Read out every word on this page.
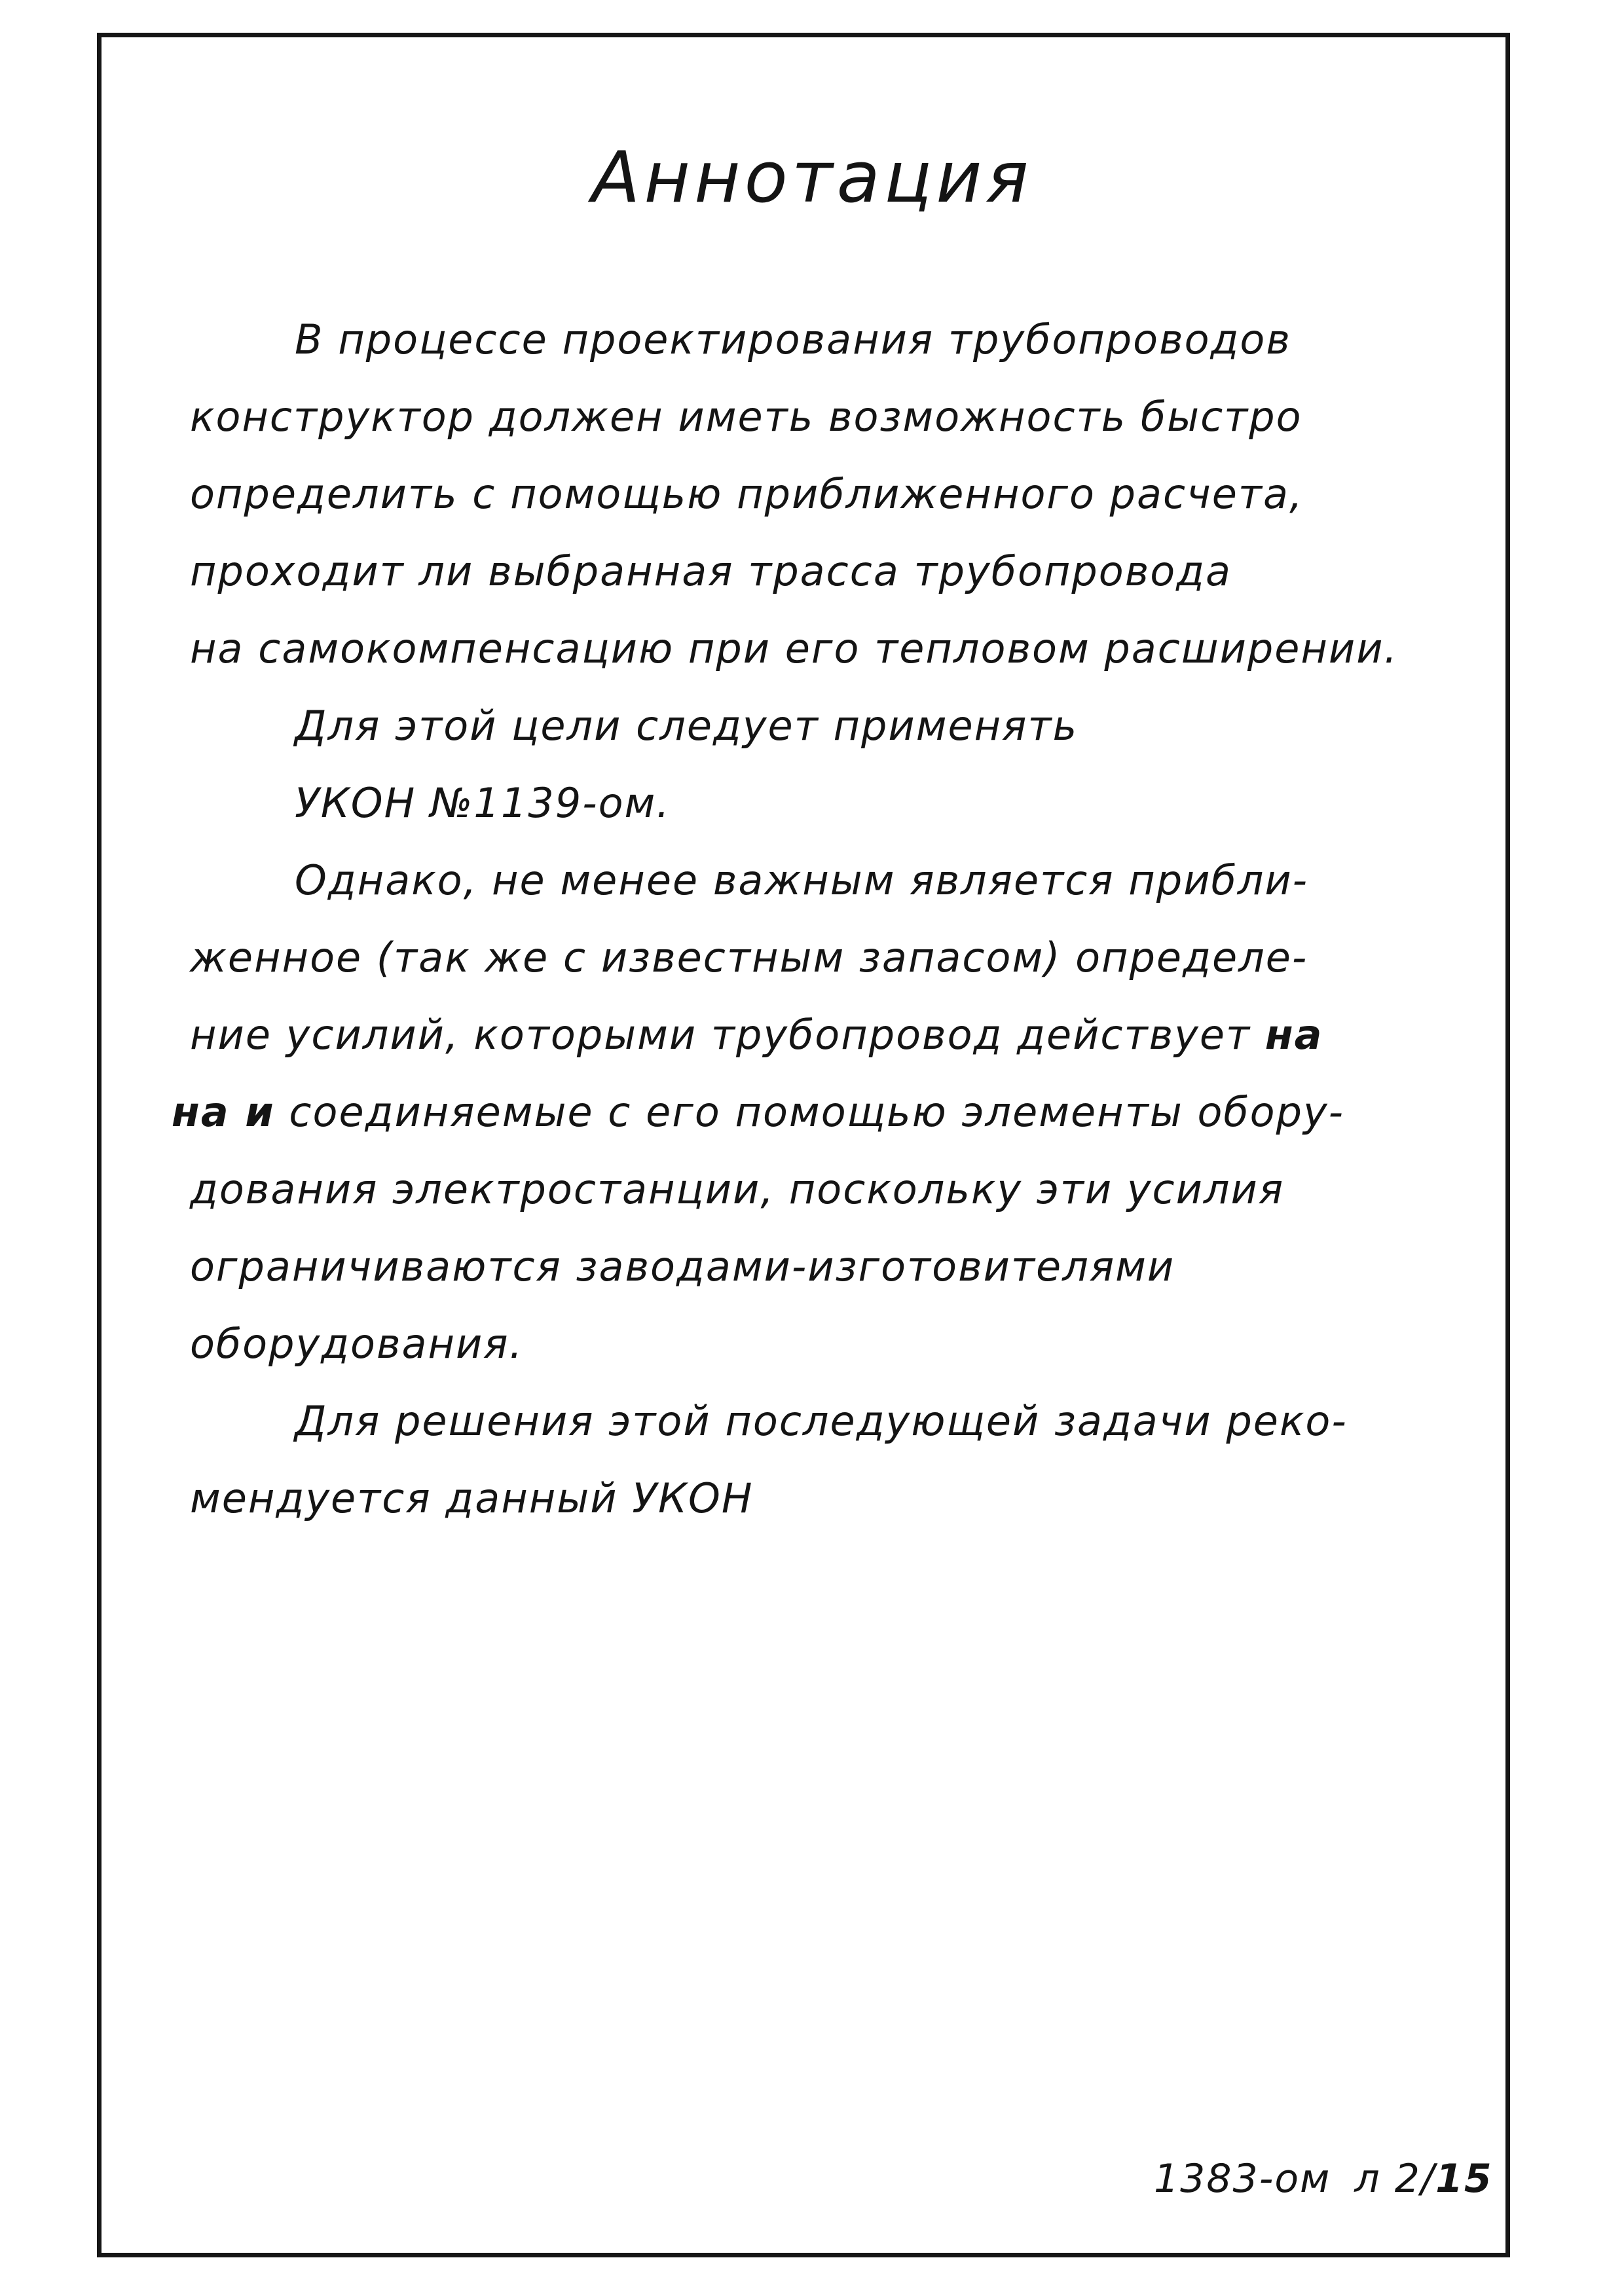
Аннотация
В процессе проектирования трубопроводов
конструктор должен иметь возможность быстро
определить с помощью приближенного расчета,
проходит ли выбранная трасса трубопровода
на самокомпенсацию при его тепловом расширении.
Для этой цели следует применять
УКОН №1139-ом.
Однако, не менее важным является прибли-
женное (так же с известным запасом) определе-
ние усилий, которыми трубопровод действует на
на и соединяемые с его помощью элементы обору-
дования электростанции, поскольку эти усилия
ограничиваются заводами-изготовителями
оборудования.
Для решения этой последующей задачи реко-
мендуется данный УКОН
1383-ом л 2/15
